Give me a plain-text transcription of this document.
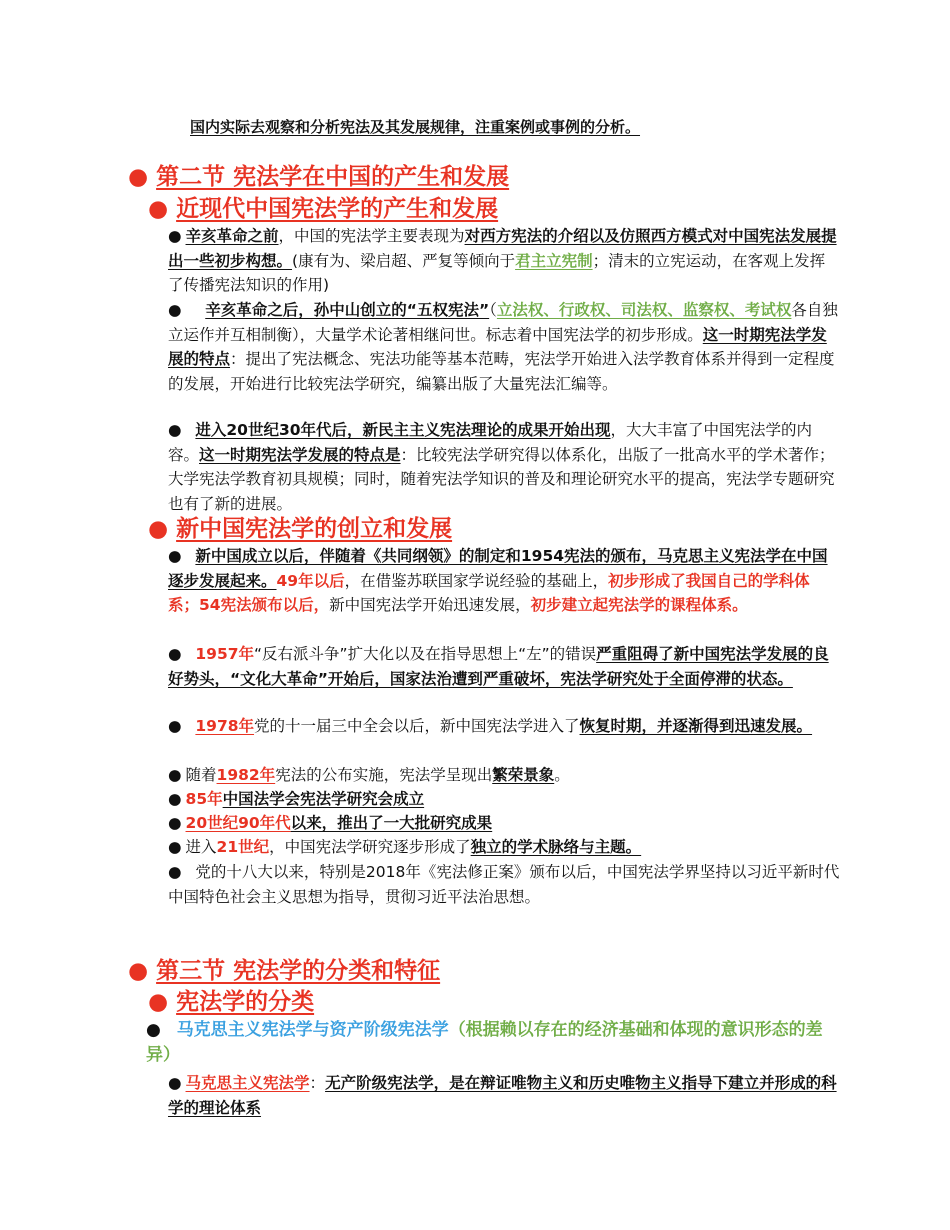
国内实际去观察和分析宪法及其发展规律，注重案例或事例的分析。

● 第二节 宪法学在中国的产生和发展
● 近现代中国宪法学的产生和发展

● 辛亥革命之前，中国的宪法学主要表现为对西方宪法的介绍以及仿照西方模式对中国宪法发展提出一些初步构想。(康有为、梁启超、严复等倾向于君主立宪制；清末的立宪运动，在客观上发挥了传播宪法知识的作用)

● 辛亥革命之后，孙中山创立的“五权宪法”（立法权、行政权、司法权、监察权、考试权各自独立运作并互相制衡），大量学术论著相继问世。标志着中国宪法学的初步形成。这一时期宪法学发展的特点：提出了宪法概念、宪法功能等基本范畴，宪法学开始进入法学教育体系并得到一定程度的发展，开始进行比较宪法学研究，编纂出版了大量宪法汇编等。

● 进入20世纪30年代后，新民主主义宪法理论的成果开始出现，大大丰富了中国宪法学的内容。这一时期宪法学发展的特点是：比较宪法学研究得以体系化，出版了一批高水平的学术著作；大学宪法学教育初具规模；同时，随着宪法学知识的普及和理论研究水平的提高，宪法学专题研究也有了新的进展。

● 新中国宪法学的创立和发展

● 新中国成立以后，伴随着《共同纲领》的制定和1954宪法的颁布，马克思主义宪法学在中国逐步发展起来。49年以后，在借鉴苏联国家学说经验的基础上，初步形成了我国自己的学科体系；54宪法颁布以后，新中国宪法学开始迅速发展，初步建立起宪法学的课程体系。

● 1957年“反右派斗争”扩大化以及在指导思想上“左”的错误严重阻碍了新中国宪法学发展的良好势头，“文化大革命”开始后，国家法治遭到严重破坏，宪法学研究处于全面停滞的状态。

● 1978年党的十一届三中全会以后，新中国宪法学进入了恢复时期，并逐渐得到迅速发展。

● 随着1982年宪法的公布实施，宪法学呈现出繁荣景象。

● 85年中国法学会宪法学研究会成立

● 20世纪90年代以来，推出了一大批研究成果

● 进入21世纪，中国宪法学研究逐步形成了独立的学术脉络与主题。

● 党的十八大以来，特别是2018年《宪法修正案》颁布以后，中国宪法学界坚持以习近平新时代中国特色社会主义思想为指导，贯彻习近平法治思想。

● 第三节 宪法学的分类和特征
● 宪法学的分类

● 马克思主义宪法学与资产阶级宪法学（根据赖以存在的经济基础和体现的意识形态的差异）

● 马克思主义宪法学：无产阶级宪法学，是在辩证唯物主义和历史唯物主义指导下建立并形成的科学的理论体系
